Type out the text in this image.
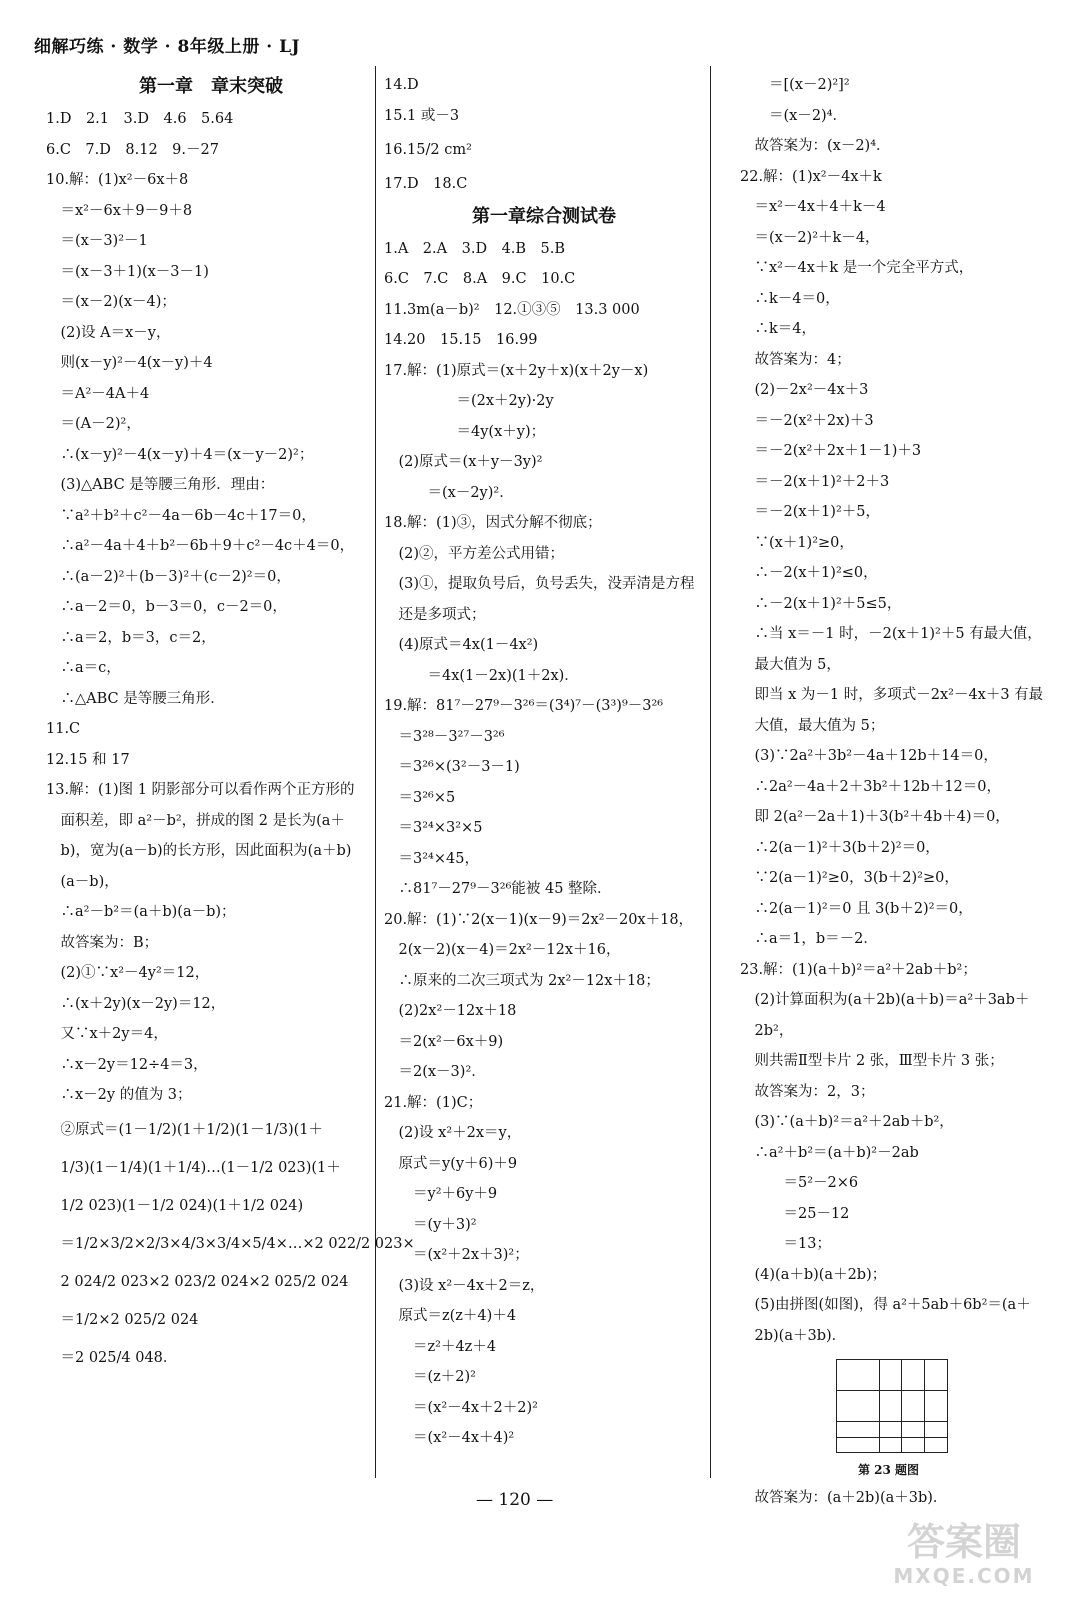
细解巧练 · 数学 · 8年级上册 · LJ
第一章　章末突破
1.D　2.1　3.D　4.6　5.64
6.C　7.D　8.12　9.－27
10.解：(1)x²－6x＋8
　＝x²－6x＋9－9＋8
　＝(x－3)²－1
　＝(x－3＋1)(x－3－1)
　＝(x－2)(x－4)；
　(2)设 A＝x－y，
　则(x－y)²－4(x－y)＋4
　＝A²－4A＋4
　＝(A－2)²，
　∴(x－y)²－4(x－y)＋4＝(x－y－2)²；
　(3)△ABC 是等腰三角形．理由：
　∵a²＋b²＋c²－4a－6b－4c＋17＝0，
　∴a²－4a＋4＋b²－6b＋9＋c²－4c＋4＝0，
　∴(a－2)²＋(b－3)²＋(c－2)²＝0，
　∴a－2＝0，b－3＝0，c－2＝0，
　∴a＝2，b＝3，c＝2，
　∴a＝c，
　∴△ABC 是等腰三角形．
11.C
12.15 和 17
13.解：(1)图 1 阴影部分可以看作两个正方形的
　面积差，即 a²－b²，拼成的图 2 是长为(a＋
　b)，宽为(a－b)的长方形，因此面积为(a＋b)
　(a－b)，
　∴a²－b²＝(a＋b)(a－b)；
　故答案为：B；
　(2)①∵x²－4y²＝12，
　∴(x＋2y)(x－2y)＝12，
　又∵x＋2y＝4，
　∴x－2y＝12÷4＝3，
　∴x－2y 的值为 3；
　②原式＝(1－1/2)(1＋1/2)(1－1/3)(1＋
　1/3)(1－1/4)(1＋1/4)…(1－1/2 023)(1＋
　1/2 023)(1－1/2 024)(1＋1/2 024)
　＝1/2×3/2×2/3×4/3×3/4×5/4×…×2 022/2 023×
　2 024/2 023×2 023/2 024×2 025/2 024
　＝1/2×2 025/2 024
　＝2 025/4 048．
14.D
15.1 或－3
16.15/2 cm²
17.D　18.C
第一章综合测试卷
1.A　2.A　3.D　4.B　5.B
6.C　7.C　8.A　9.C　10.C
11.3m(a－b)²　12.①③⑤　13.3 000
14.20　15.15　16.99
17.解：(1)原式＝(x＋2y＋x)(x＋2y－x)
　　　　　＝(2x＋2y)·2y
　　　　　＝4y(x＋y)；
　(2)原式＝(x＋y－3y)²
　　　＝(x－2y)²．
18.解：(1)③，因式分解不彻底；
　(2)②，平方差公式用错；
　(3)①，提取负号后，负号丢失，没弄清是方程
　还是多项式；
　(4)原式＝4x(1－4x²)
　　　＝4x(1－2x)(1＋2x)．
19.解：81⁷－27⁹－3²⁶＝(3⁴)⁷－(3³)⁹－3²⁶
　＝3²⁸－3²⁷－3²⁶
　＝3²⁶×(3²－3－1)
　＝3²⁶×5
　＝3²⁴×3²×5
　＝3²⁴×45，
　∴81⁷－27⁹－3²⁶能被 45 整除．
20.解：(1)∵2(x－1)(x－9)＝2x²－20x＋18，
　2(x－2)(x－4)＝2x²－12x＋16，
　∴原来的二次三项式为 2x²－12x＋18；
　(2)2x²－12x＋18
　＝2(x²－6x＋9)
　＝2(x－3)²．
21.解：(1)C；
　(2)设 x²＋2x＝y，
　原式＝y(y＋6)＋9
　　＝y²＋6y＋9
　　＝(y＋3)²
　　＝(x²＋2x＋3)²；
　(3)设 x²－4x＋2＝z，
　原式＝z(z＋4)＋4
　　＝z²＋4z＋4
　　＝(z＋2)²
　　＝(x²－4x＋2＋2)²
　　＝(x²－4x＋4)²
　　＝[(x－2)²]²
　　＝(x－2)⁴．
　故答案为：(x－2)⁴．
22.解：(1)x²－4x＋k
　＝x²－4x＋4＋k－4
　＝(x－2)²＋k－4，
　∵x²－4x＋k 是一个完全平方式，
　∴k－4＝0，
　∴k＝4，
　故答案为：4；
　(2)－2x²－4x＋3
　＝－2(x²＋2x)＋3
　＝－2(x²＋2x＋1－1)＋3
　＝－2(x＋1)²＋2＋3
　＝－2(x＋1)²＋5，
　∵(x＋1)²≥0，
　∴－2(x＋1)²≤0，
　∴－2(x＋1)²＋5≤5，
　∴当 x＝－1 时，－2(x＋1)²＋5 有最大值，
　最大值为 5，
　即当 x 为－1 时，多项式－2x²－4x＋3 有最
　大值，最大值为 5；
　(3)∵2a²＋3b²－4a＋12b＋14＝0，
　∴2a²－4a＋2＋3b²＋12b＋12＝0，
　即 2(a²－2a＋1)＋3(b²＋4b＋4)＝0，
　∴2(a－1)²＋3(b＋2)²＝0，
　∵2(a－1)²≥0，3(b＋2)²≥0，
　∴2(a－1)²＝0 且 3(b＋2)²＝0，
　∴a＝1，b＝－2．
23.解：(1)(a＋b)²＝a²＋2ab＋b²；
　(2)计算面积为(a＋2b)(a＋b)＝a²＋3ab＋
　2b²，
　则共需Ⅱ型卡片 2 张，Ⅲ型卡片 3 张；
　故答案为：2，3；
　(3)∵(a＋b)²＝a²＋2ab＋b²，
　∴a²＋b²＝(a＋b)²－2ab
　　　＝5²－2×6
　　　＝25－12
　　　＝13；
　(4)(a＋b)(a＋2b)；
　(5)由拼图(如图)，得 a²＋5ab＋6b²＝(a＋
　2b)(a＋3b)．
第 23 题图
　故答案为：(a＋2b)(a＋3b)．
— 120 —
答案圈
MXQE.COM
